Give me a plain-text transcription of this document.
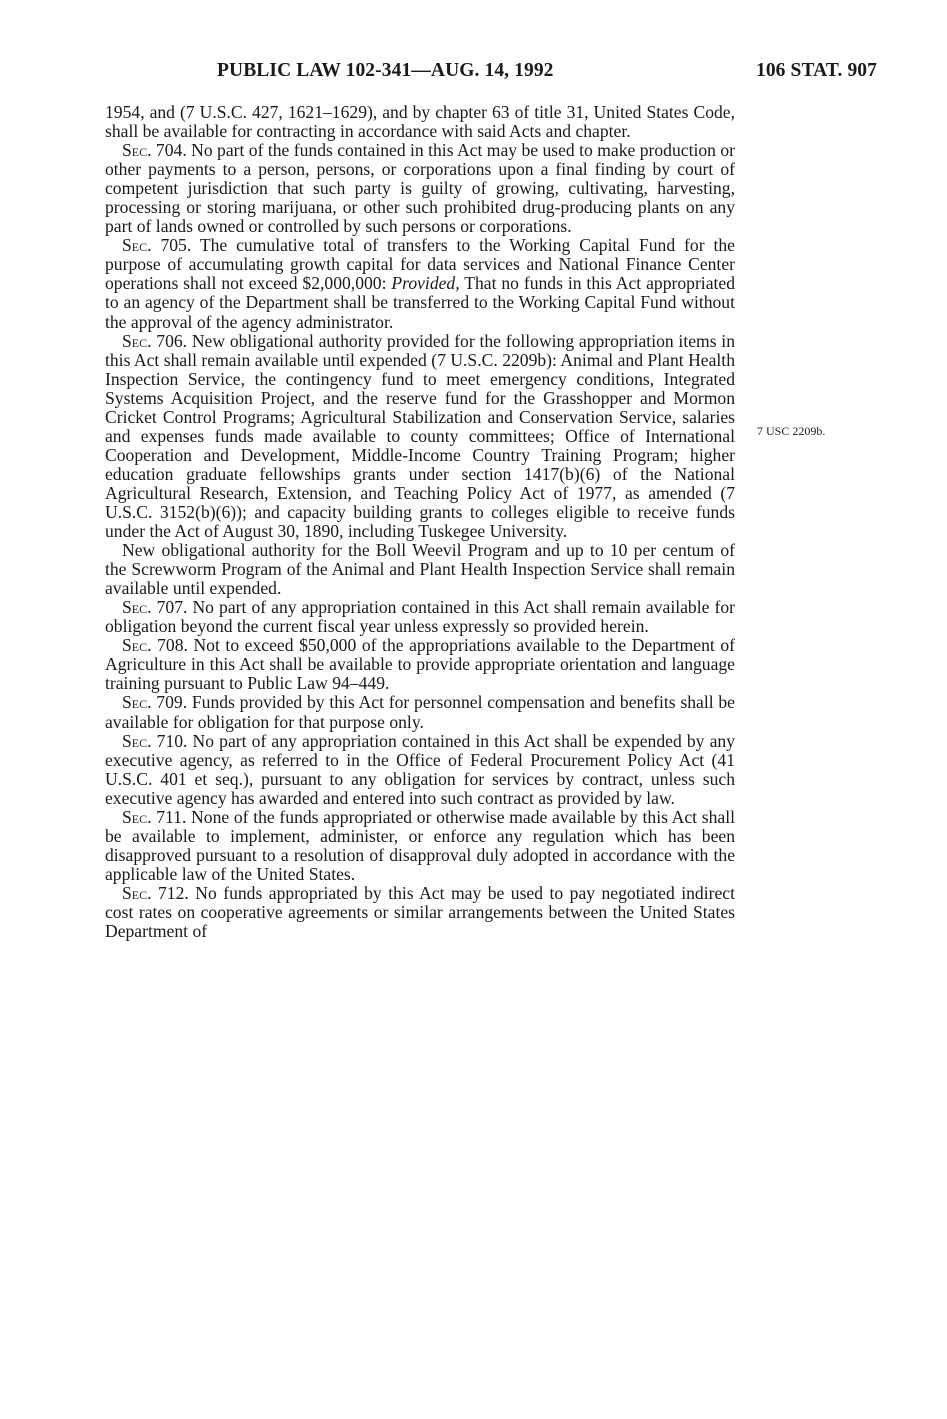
PUBLIC LAW 102-341—AUG. 14, 1992	106 STAT. 907

1954, and (7 U.S.C. 427, 1621–1629), and by chapter 63 of title 31, United States Code, shall be available for contracting in accordance with said Acts and chapter.

Sec. 704. No part of the funds contained in this Act may be used to make production or other payments to a person, persons, or corporations upon a final finding by court of competent jurisdiction that such party is guilty of growing, cultivating, harvesting, processing or storing marijuana, or other such prohibited drug-producing plants on any part of lands owned or controlled by such persons or corporations.

Sec. 705. The cumulative total of transfers to the Working Capital Fund for the purpose of accumulating growth capital for data services and National Finance Center operations shall not exceed $2,000,000: Provided, That no funds in this Act appropriated to an agency of the Department shall be transferred to the Working Capital Fund without the approval of the agency administrator.

Sec. 706. New obligational authority provided for the following appropriation items in this Act shall remain available until expended (7 U.S.C. 2209b): Animal and Plant Health Inspection Service, the contingency fund to meet emergency conditions, Integrated Systems Acquisition Project, and the reserve fund for the Grasshopper and Mormon Cricket Control Programs; Agricultural Stabilization and Conservation Service, salaries and expenses funds made available to county committees; Office of International Cooperation and Development, Middle-Income Country Training Program; higher education graduate fellowships grants under section 1417(b)(6) of the National Agricultural Research, Extension, and Teaching Policy Act of 1977, as amended (7 U.S.C. 3152(b)(6)); and capacity building grants to colleges eligible to receive funds under the Act of August 30, 1890, including Tuskegee University.

New obligational authority for the Boll Weevil Program and up to 10 per centum of the Screwworm Program of the Animal and Plant Health Inspection Service shall remain available until expended.

Sec. 707. No part of any appropriation contained in this Act shall remain available for obligation beyond the current fiscal year unless expressly so provided herein.

Sec. 708. Not to exceed $50,000 of the appropriations available to the Department of Agriculture in this Act shall be available to provide appropriate orientation and language training pursuant to Public Law 94–449.

Sec. 709. Funds provided by this Act for personnel compensation and benefits shall be available for obligation for that purpose only.

Sec. 710. No part of any appropriation contained in this Act shall be expended by any executive agency, as referred to in the Office of Federal Procurement Policy Act (41 U.S.C. 401 et seq.), pursuant to any obligation for services by contract, unless such executive agency has awarded and entered into such contract as provided by law.

Sec. 711. None of the funds appropriated or otherwise made available by this Act shall be available to implement, administer, or enforce any regulation which has been disapproved pursuant to a resolution of disapproval duly adopted in accordance with the applicable law of the United States.

Sec. 712. No funds appropriated by this Act may be used to pay negotiated indirect cost rates on cooperative agreements or similar arrangements between the United States Department of

7 USC 2209b.
